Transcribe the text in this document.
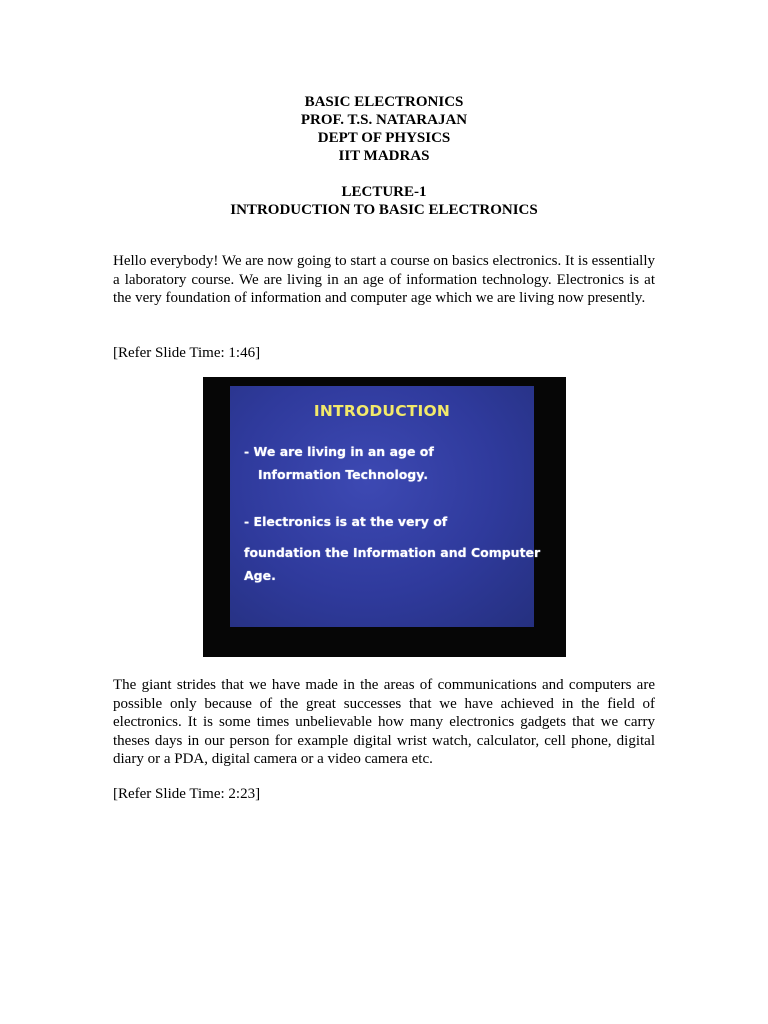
BASIC ELECTRONICS
PROF. T.S. NATARAJAN
DEPT OF PHYSICS
IIT MADRAS
LECTURE-1
INTRODUCTION TO BASIC ELECTRONICS
Hello everybody! We are now going to start a course on basics electronics. It is essentially a laboratory course. We are living in an age of information technology. Electronics is at the very foundation of information and computer age which we are living now presently.
[Refer Slide Time: 1:46]
INTRODUCTION
- We are living in an age of
Information Technology.
- Electronics is at the very of
foundation the Information and Computer
Age.
The giant strides that we have made in the areas of communications and computers are possible only because of the great successes that we have achieved in the field of electronics. It is some times unbelievable how many electronics gadgets that we carry theses days in our person for example digital wrist watch, calculator, cell phone, digital diary or a PDA, digital camera or a video camera etc.
[Refer Slide Time: 2:23]
